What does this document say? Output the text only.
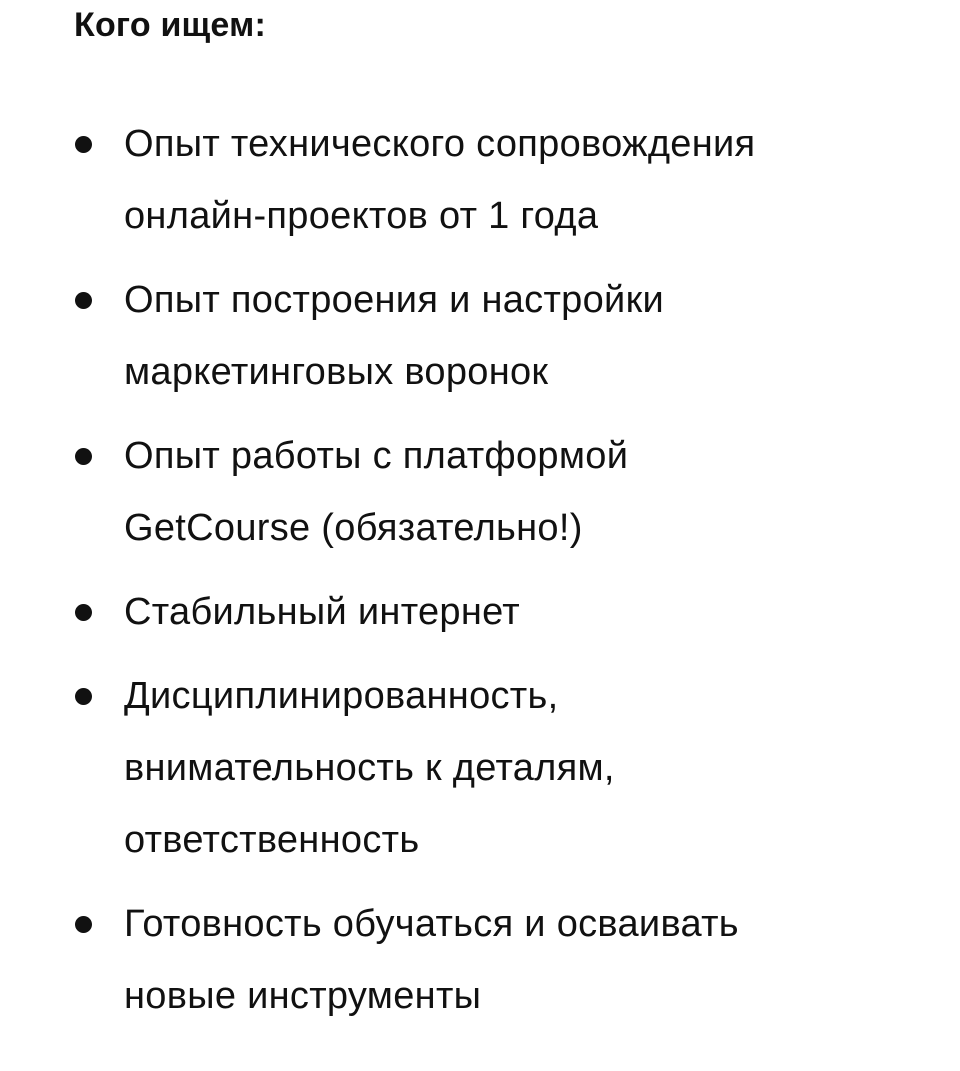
Кого ищем:
Опыт технического сопровождения
онлайн-проектов от 1 года
Опыт построения и настройки
маркетинговых воронок
Опыт работы с платформой
GetCourse (обязательно!)
Стабильный интернет
Дисциплинированность,
внимательность к деталям,
ответственность
Готовность обучаться и осваивать
новые инструменты
